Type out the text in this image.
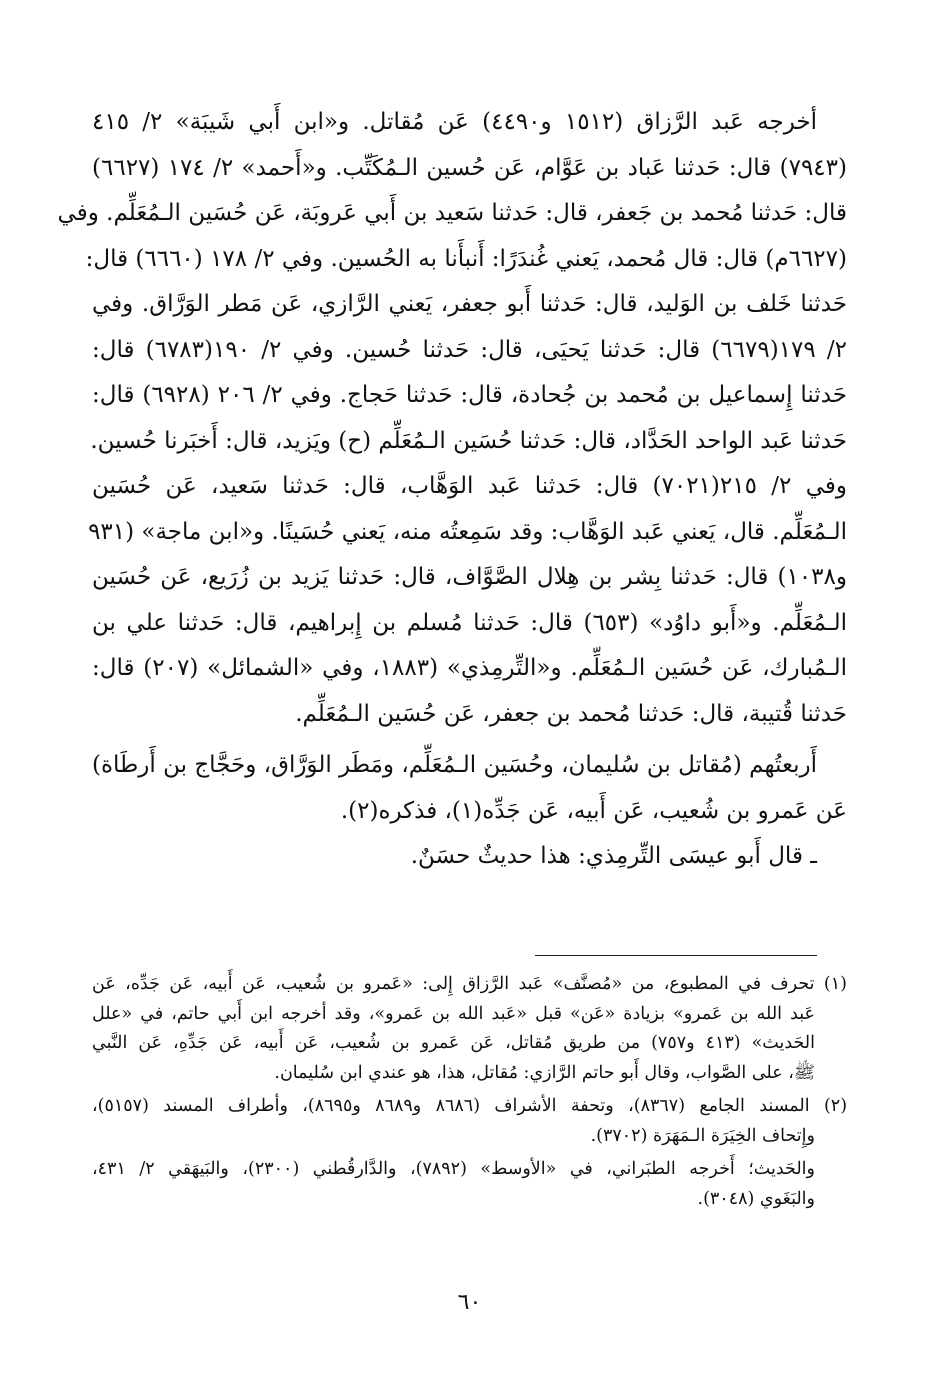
أخرجه عَبد الرَّزاق (١٥١٢ و٤٤٩٠) عَن مُقاتل. و«ابن أَبي شَيبَة» ٢/ ٤١٥
(٧٩٤٣) قال: حَدثنا عَباد بن عَوَّام، عَن حُسين الـمُكَتِّب. و«أَحمد» ٢/ ١٧٤ (٦٦٢٧)
قال: حَدثنا مُحمد بن جَعفر، قال: حَدثنا سَعيد بن أَبي عَروبَة، عَن حُسَين الـمُعَلِّم. وفي
(٦٦٢٧م) قال: قال مُحمد، يَعني غُندَرًا: أَنبأَنا به الحُسين. وفي ٢/ ١٧٨ (٦٦٦٠) قال:
حَدثنا خَلف بن الوَليد، قال: حَدثنا أَبو جعفر، يَعني الرَّازي، عَن مَطر الوَرَّاق. وفي
٢/ ١٧٩(٦٦٧٩) قال: حَدثنا يَحيَى، قال: حَدثنا حُسين. وفي ٢/ ١٩٠(٦٧٨٣) قال:
حَدثنا إِسماعيل بن مُحمد بن جُحادة، قال: حَدثنا حَجاج. وفي ٢/ ٢٠٦ (٦٩٢٨) قال:
حَدثنا عَبد الواحد الحَدَّاد، قال: حَدثنا حُسَين الـمُعَلِّم (ح) ويَزيد، قال: أَخبَرنا حُسين.
وفي ٢/ ٢١٥(٧٠٢١) قال: حَدثنا عَبد الوَهَّاب، قال: حَدثنا سَعيد، عَن حُسَين
الـمُعَلِّم. قال، يَعني عَبد الوَهَّاب: وقد سَمِعتُه منه، يَعني حُسَينًا. و«ابن ماجة» (٩٣١
و١٠٣٨) قال: حَدثنا بِشر بن هِلال الصَّوَّاف، قال: حَدثنا يَزيد بن زُرَيع، عَن حُسَين
الـمُعَلِّم. و«أَبو داوُد» (٦٥٣) قال: حَدثنا مُسلم بن إِبراهيم، قال: حَدثنا علي بن
الـمُبارك، عَن حُسَين الـمُعَلِّم. و«التِّرمِذي» (١٨٨٣، وفي «الشمائل» (٢٠٧) قال:
حَدثنا قُتيبة، قال: حَدثنا مُحمد بن جعفر، عَن حُسَين الـمُعَلِّم.
أَربعتُهم (مُقاتل بن سُليمان، وحُسَين الـمُعَلِّم، ومَطَر الوَرَّاق، وحَجَّاج بن أَرطَاة)
عَن عَمرو بن شُعيب، عَن أَبيه، عَن جَدِّه(١)، فذكره(٢).
ـ قال أَبو عيسَى التِّرمِذي: هذا حديثٌ حسَنٌ.
(١) تحرف في المطبوع، من «مُصنَّف» عَبد الرَّزاق إِلى: «عَمرو بن شُعيب، عَن أَبيه، عَن جَدِّه، عَن
عَبد الله بن عَمرو» بزيادة «عَن» قبل «عَبد الله بن عَمرو»، وقد أخرجه ابن أَبي حاتم، في «علل
الحَديث» (٤١٣ و٧٥٧) من طريق مُقاتل، عَن عَمرو بن شُعيب، عَن أَبيه، عَن جَدِّهِ، عَن النَّبي
ﷺ، على الصَّواب، وقال أَبو حاتم الرَّازي: مُقاتل، هذا، هو عندي ابن سُليمان.
(٢) المسند الجامع (٨٣٦٧)، وتحفة الأشراف (٨٦٨٦ و٨٦٨٩ و٨٦٩٥)، وأطراف المسند (٥١٥٧)،
وإِتحاف الخِيَرَة الـمَهَرَة (٣٧٠٢).
والحَديث؛ أَخرجه الطبَراني، في «الأوسط» (٧٨٩٢)، والدَّارقُطني (٢٣٠٠)، والبَيهَقي ٢/ ٤٣١،
والبَغَوي (٣٠٤٨).
٦٠
